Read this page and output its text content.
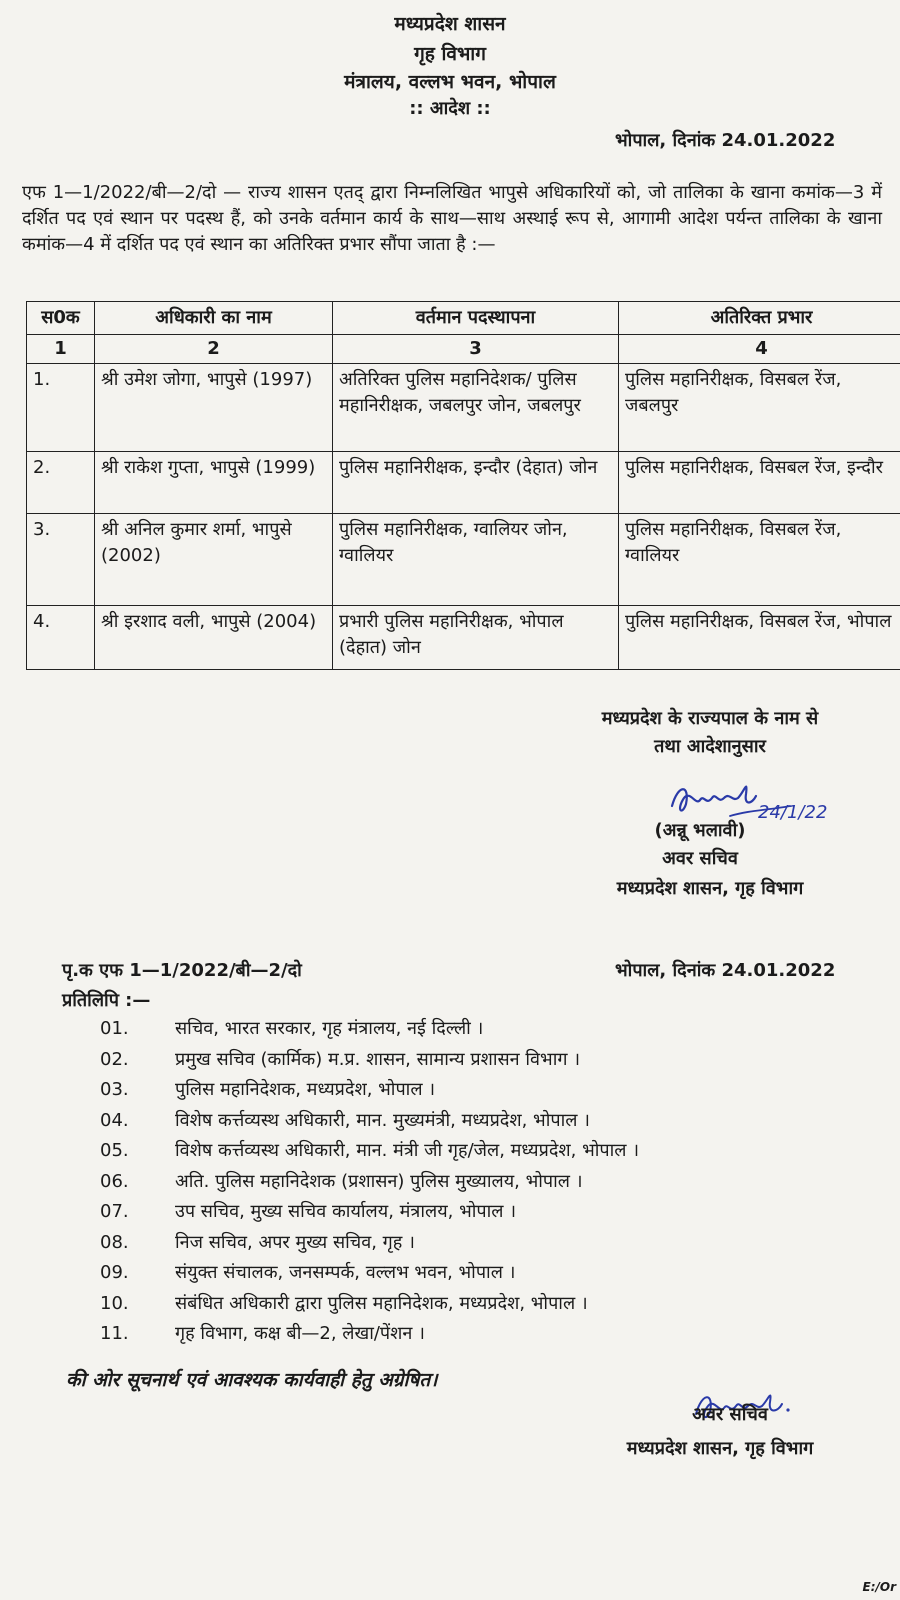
मध्यप्रदेश शासन
गृह विभाग
मंत्रालय, वल्लभ भवन, भोपाल
:: आदेश ::
भोपाल, दिनांक 24.01.2022
एफ 1—1/2022/बी—2/दो — राज्य शासन एतद् द्वारा निम्नलिखित भापुसे अधिकारियों को, जो तालिका के खाना कमांक—3 में दर्शित पद एवं स्थान पर पदस्थ हैं, को उनके वर्तमान कार्य के साथ—साथ अस्थाई रूप से, आगामी आदेश पर्यन्त तालिका के खाना कमांक—4 में दर्शित पद एवं स्थान का अतिरिक्त प्रभार सौंपा जाता है :—
स0क	अधिकारी का नाम	वर्तमान पदस्थापना	अतिरिक्त प्रभार
1	2	3	4
1.	श्री उमेश जोगा, भापुसे (1997)	अतिरिक्त पुलिस महानिदेशक/ पुलिस महानिरीक्षक, जबलपुर जोन, जबलपुर	पुलिस महानिरीक्षक, विसबल रेंज, जबलपुर
2.	श्री राकेश गुप्ता, भापुसे (1999)	पुलिस महानिरीक्षक, इन्दौर (देहात) जोन	पुलिस महानिरीक्षक, विसबल रेंज, इन्दौर
3.	श्री अनिल कुमार शर्मा, भापुसे (2002)	पुलिस महानिरीक्षक, ग्वालियर जोन, ग्वालियर	पुलिस महानिरीक्षक, विसबल रेंज, ग्वालियर
4.	श्री इरशाद वली, भापुसे (2004)	प्रभारी पुलिस महानिरीक्षक, भोपाल (देहात) जोन	पुलिस महानिरीक्षक, विसबल रेंज, भोपाल
मध्यप्रदेश के राज्यपाल के नाम से
तथा आदेशानुसार
24/1/22
(अन्नू भलावी)
अवर सचिव
मध्यप्रदेश शासन, गृह विभाग
पृ.क एफ 1—1/2022/बी—2/दो	भोपाल, दिनांक 24.01.2022
प्रतिलिपि :—
01.	सचिव, भारत सरकार, गृह मंत्रालय, नई दिल्ली ।
02.	प्रमुख सचिव (कार्मिक) म.प्र. शासन, सामान्य प्रशासन विभाग ।
03.	पुलिस महानिदेशक, मध्यप्रदेश, भोपाल ।
04.	विशेष कर्त्तव्यस्थ अधिकारी, मान. मुख्यमंत्री, मध्यप्रदेश, भोपाल ।
05.	विशेष कर्त्तव्यस्थ अधिकारी, मान. मंत्री जी गृह/जेल, मध्यप्रदेश, भोपाल ।
06.	अति. पुलिस महानिदेशक (प्रशासन) पुलिस मुख्यालय, भोपाल ।
07.	उप सचिव, मुख्य सचिव कार्यालय, मंत्रालय, भोपाल ।
08.	निज सचिव, अपर मुख्य सचिव, गृह ।
09.	संयुक्त संचालक, जनसम्पर्क, वल्लभ भवन, भोपाल ।
10.	संबंधित अधिकारी द्वारा पुलिस महानिदेशक, मध्यप्रदेश, भोपाल ।
11.	गृह विभाग, कक्ष बी—2, लेखा/पेंशन ।
की ओर सूचनार्थ एवं आवश्यक कार्यवाही हेतु अग्रेषित।
अवर सचिव
मध्यप्रदेश शासन, गृह विभाग
E:/Or
